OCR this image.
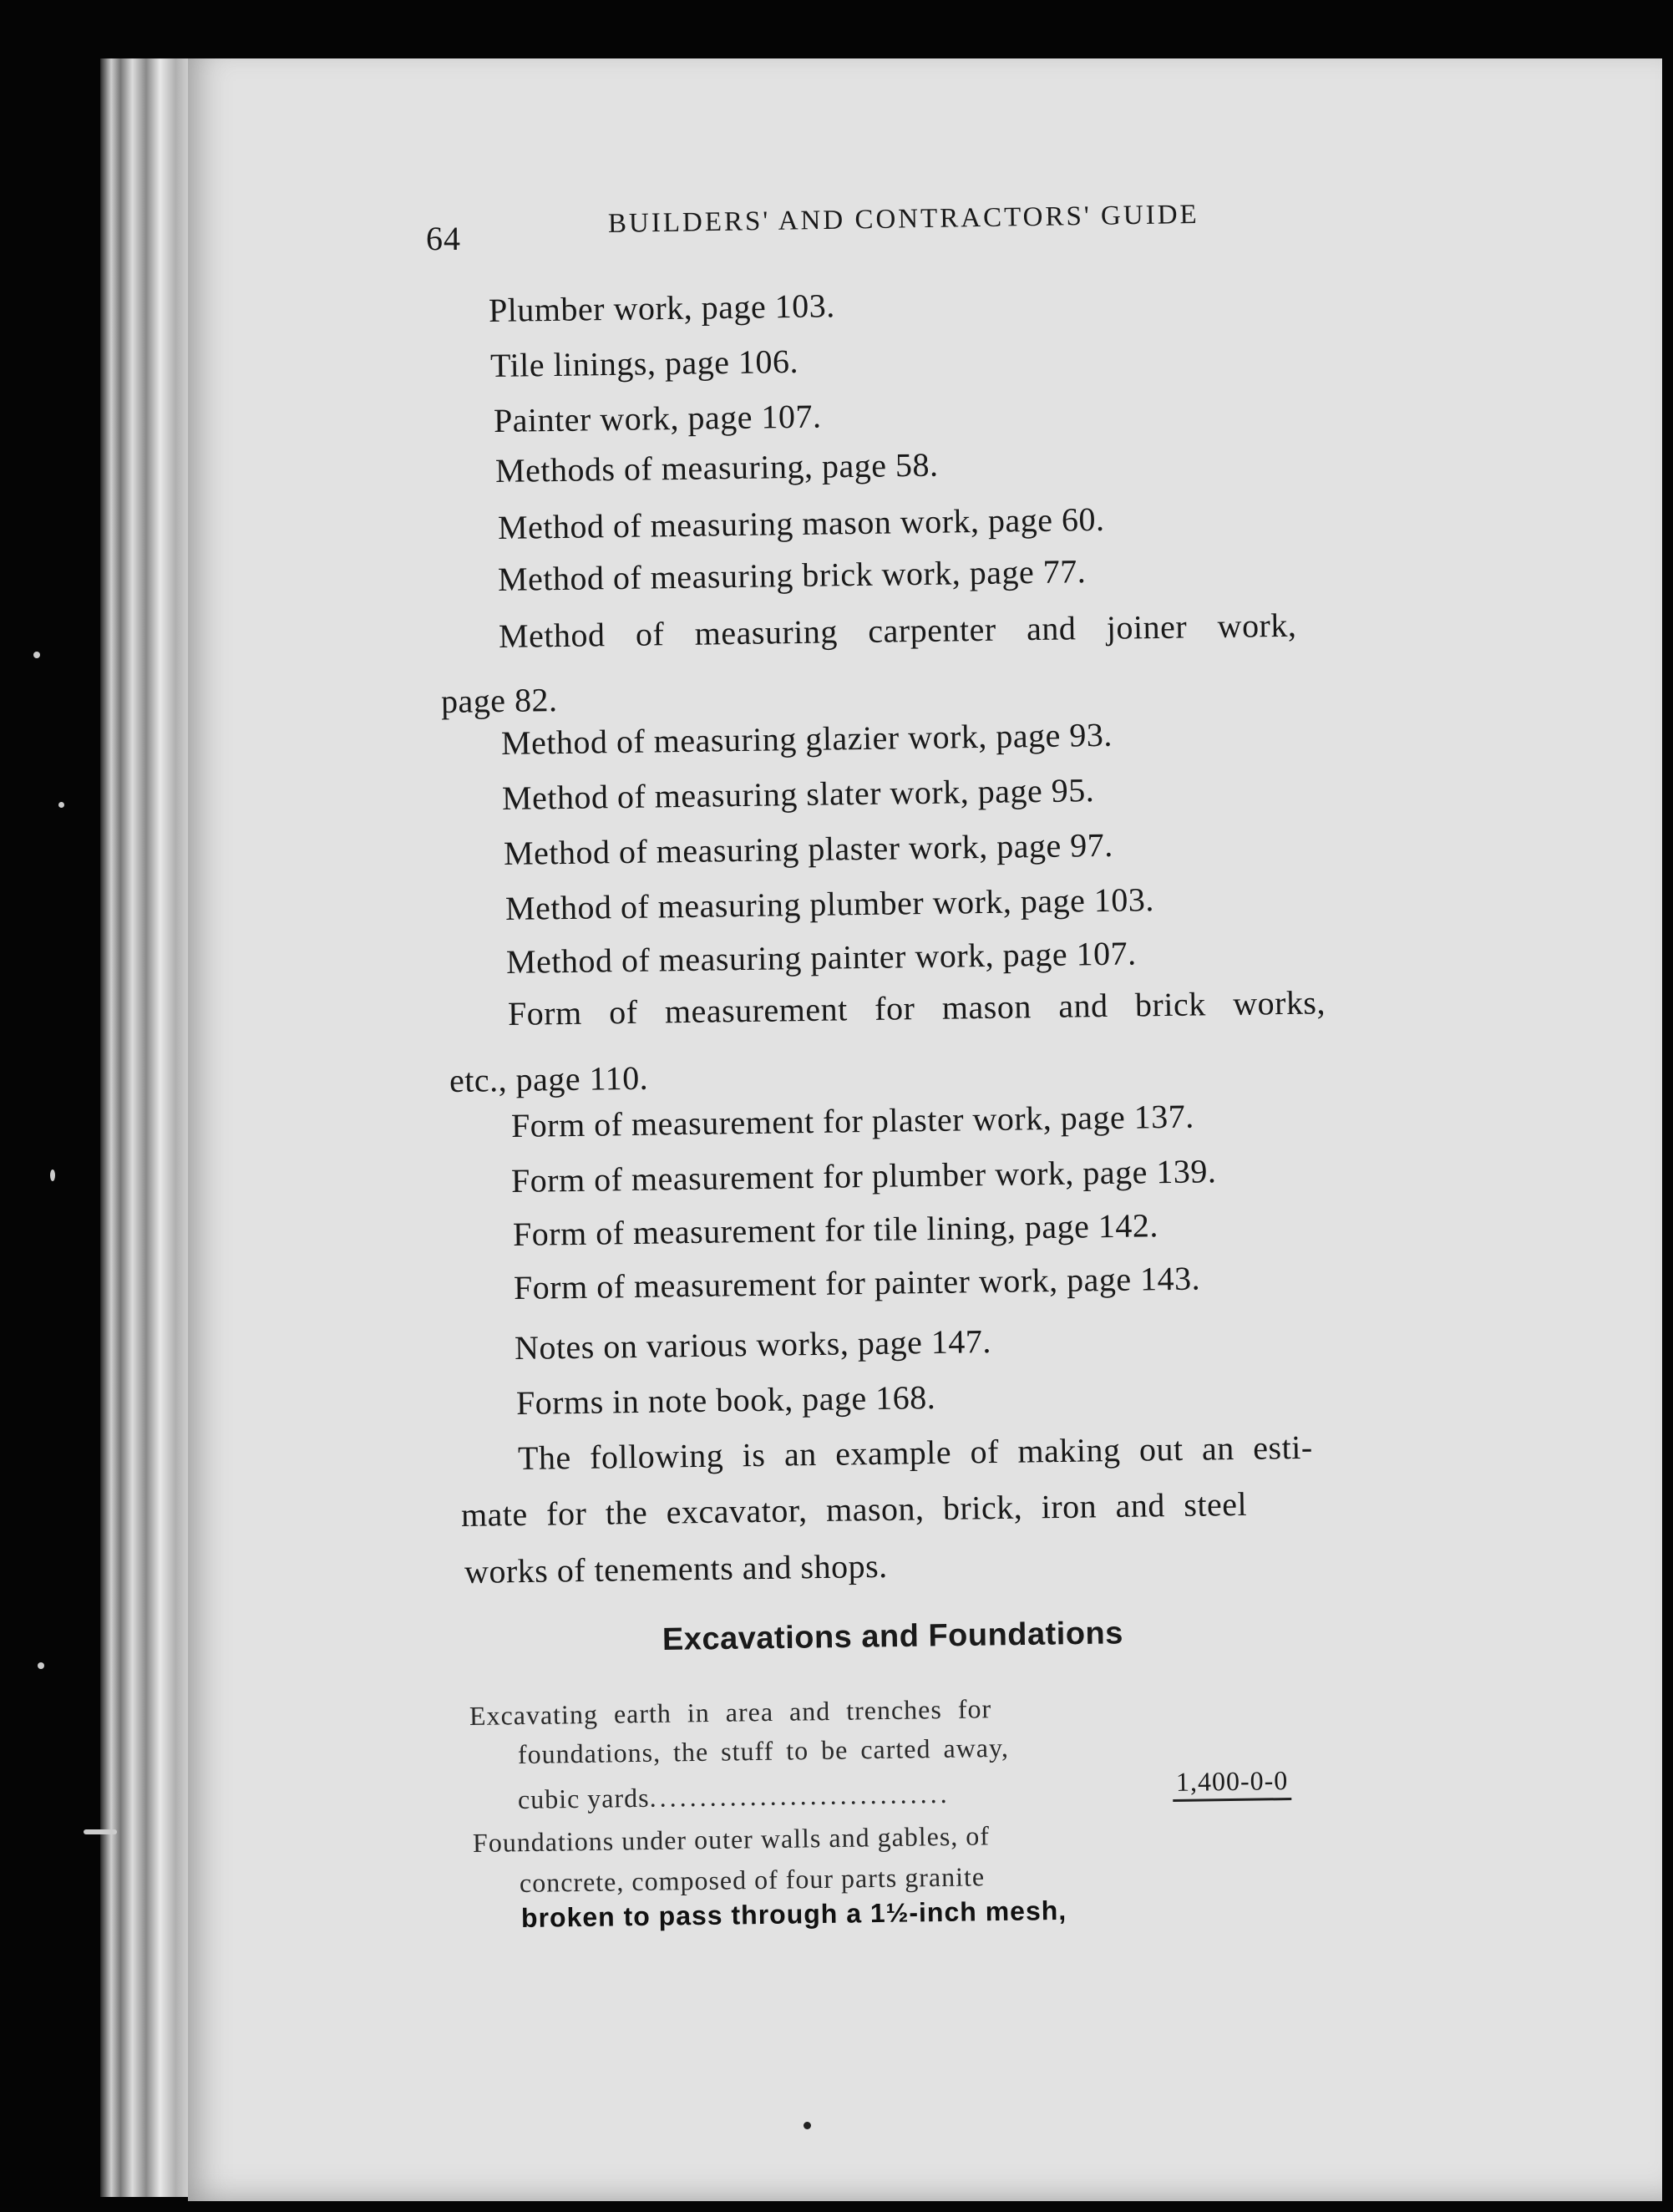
64	BUILDERS' AND CONTRACTORS' GUIDE
Plumber work, page 103.
Tile linings, page 106.
Painter work, page 107.
Methods of measuring, page 58.
Method of measuring mason work, page 60.
Method of measuring brick work, page 77.
Method of measuring carpenter and joiner work,
page 82.
Method of measuring glazier work, page 93.
Method of measuring slater work, page 95.
Method of measuring plaster work, page 97.
Method of measuring plumber work, page 103.
Method of measuring painter work, page 107.
Form of measurement for mason and brick works,
etc., page 110.
Form of measurement for plaster work, page 137.
Form of measurement for plumber work, page 139.
Form of measurement for tile lining, page 142.
Form of measurement for painter work, page 143.
Notes on various works, page 147.
Forms in note book, page 168.
The following is an example of making out an esti-
mate for the excavator, mason, brick, iron and steel
works of tenements and shops.
Excavations and Foundations
Excavating earth in area and trenches for
foundations, the stuff to be carted away,
cubic yards..............................	1,400-0-0
Foundations under outer walls and gables, of
concrete, composed of four parts granite
broken to pass through a 1½-inch mesh,
